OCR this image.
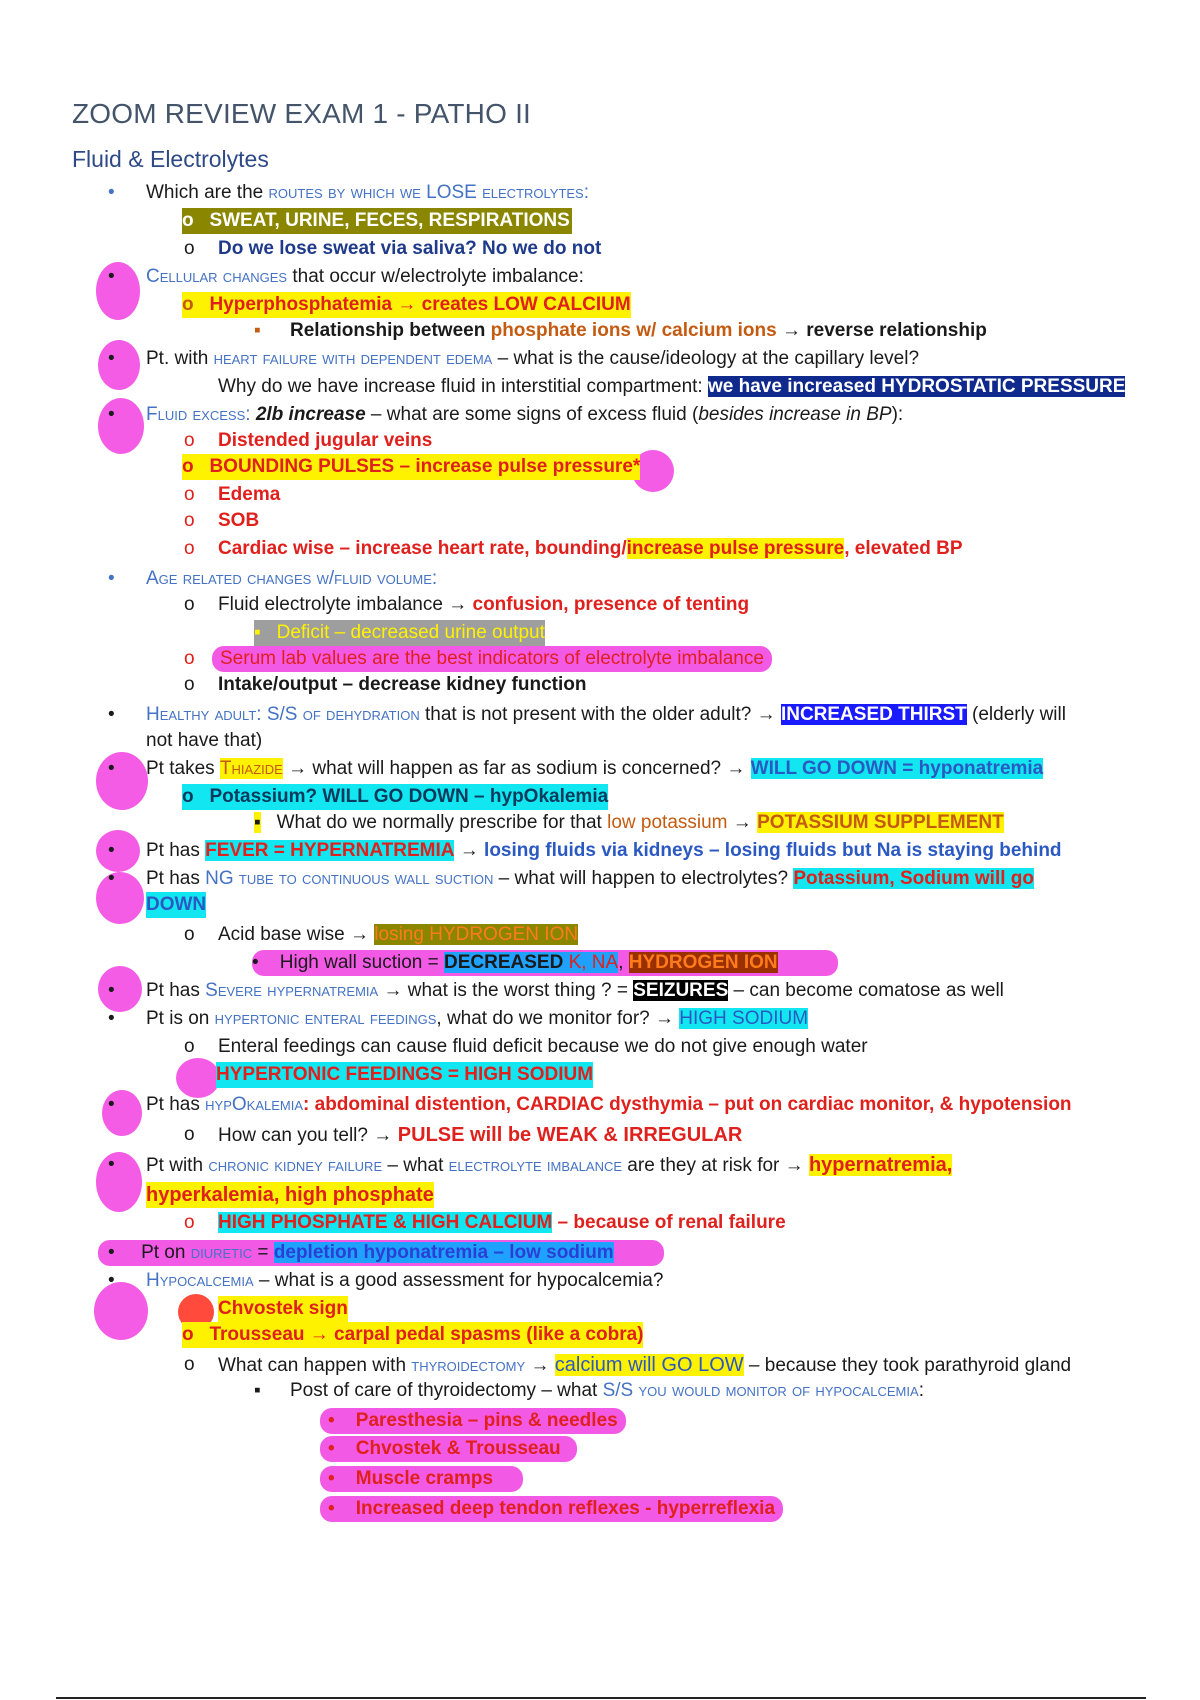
ZOOM REVIEW EXAM 1 - PATHO II
Fluid & Electrolytes
• Which are the routes by which we LOSE electrolytes:
o SWEAT, URINE, FECES, RESPIRATIONS
o Do we lose sweat via saliva? No we do not
• Cellular changes that occur w/electrolyte imbalance:
o Hyperphosphatemia → creates LOW CALCIUM
▪ Relationship between phosphate ions w/ calcium ions → reverse relationship
• Pt. with heart failure with dependent edema – what is the cause/ideology at the capillary level?
Why do we have increase fluid in interstitial compartment: we have increased HYDROSTATIC PRESSURE
• Fluid excess: 2lb increase – what are some signs of excess fluid (besides increase in BP):
o Distended jugular veins
o BOUNDING PULSES – increase pulse pressure*
o Edema
o SOB
o Cardiac wise – increase heart rate, bounding/increase pulse pressure, elevated BP
• Age related changes w/fluid volume:
o Fluid electrolyte imbalance → confusion, presence of tenting
▪ Deficit – decreased urine output
o	Serum lab values are the best indicators of electrolyte imbalance
o Intake/output – decrease kidney function
• Healthy adult: S/S of dehydration that is not present with the older adult? → INCREASED THIRST (elderly will
not have that)
• Pt takes Thiazide → what will happen as far as sodium is concerned? → WILL GO DOWN = hyponatremia
o Potassium? WILL GO DOWN – hypOkalemia
▪ What do we normally prescribe for that low potassium → POTASSIUM SUPPLEMENT
• Pt has FEVER = HYPERNATREMIA → losing fluids via kidneys – losing fluids but Na is staying behind
• Pt has NG tube to continuous wall suction – what will happen to electrolytes? Potassium, Sodium will go
DOWN
o Acid base wise → losing HYDROGEN ION
• High wall suction = DECREASED K, NA, HYDROGEN ION
• Pt has Severe hypernatremia → what is the worst thing ? = SEIZURES – can become comatose as well
• Pt is on hypertonic enteral feedings, what do we monitor for? → HIGH SODIUM
o Enteral feedings can cause fluid deficit because we do not give enough water
HYPERTONIC FEEDINGS = HIGH SODIUM
• Pt has hypOkalemia: abdominal distention, CARDIAC dysthymia – put on cardiac monitor, & hypotension
o How can you tell? → PULSE will be WEAK & IRREGULAR
• Pt with chronic kidney failure – what electrolyte imbalance are they at risk for → hypernatremia,
hyperkalemia, high phosphate
o HIGH PHOSPHATE & HIGH CALCIUM – because of renal failure
• Pt on diuretic = depletion hyponatremia – low sodium
• Hypocalcemia – what is a good assessment for hypocalcemia?
Chvostek sign
o Trousseau → carpal pedal spasms (like a cobra)
o What can happen with thyroidectomy → calcium will GO LOW – because they took parathyroid gland
▪ Post of care of thyroidectomy – what S/S you would monitor of hypocalcemia:
• Paresthesia – pins & needles
• Chvostek & Trousseau
• Muscle cramps
• Increased deep tendon reflexes - hyperreflexia
